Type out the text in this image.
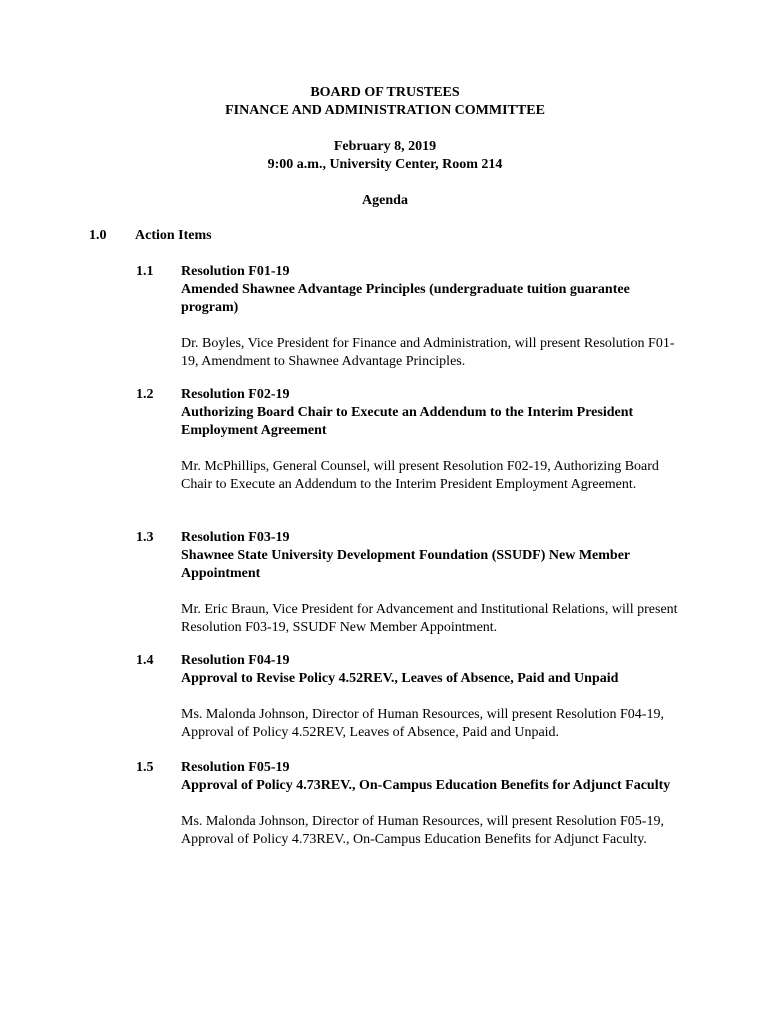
BOARD OF TRUSTEES
FINANCE AND ADMINISTRATION COMMITTEE
February 8, 2019
9:00 a.m., University Center, Room 214
Agenda
1.0	Action Items
1.1 Resolution F01-19
Amended Shawnee Advantage Principles (undergraduate tuition guarantee program)
Dr. Boyles, Vice President for Finance and Administration, will present Resolution F01-19, Amendment to Shawnee Advantage Principles.
1.2 Resolution F02-19
Authorizing Board Chair to Execute an Addendum to the Interim President Employment Agreement
Mr. McPhillips, General Counsel, will present Resolution F02-19, Authorizing Board Chair to Execute an Addendum to the Interim President Employment Agreement.
1.3 Resolution F03-19
Shawnee State University Development Foundation (SSUDF) New Member Appointment
Mr. Eric Braun, Vice President for Advancement and Institutional Relations, will present Resolution F03-19, SSUDF New Member Appointment.
1.4 Resolution F04-19
Approval to Revise Policy 4.52REV., Leaves of Absence, Paid and Unpaid
Ms. Malonda Johnson, Director of Human Resources, will present Resolution F04-19, Approval of Policy 4.52REV, Leaves of Absence, Paid and Unpaid.
1.5 Resolution F05-19
Approval of Policy 4.73REV., On-Campus Education Benefits for Adjunct Faculty
Ms. Malonda Johnson, Director of Human Resources, will present Resolution F05-19, Approval of Policy 4.73REV., On-Campus Education Benefits for Adjunct Faculty.
